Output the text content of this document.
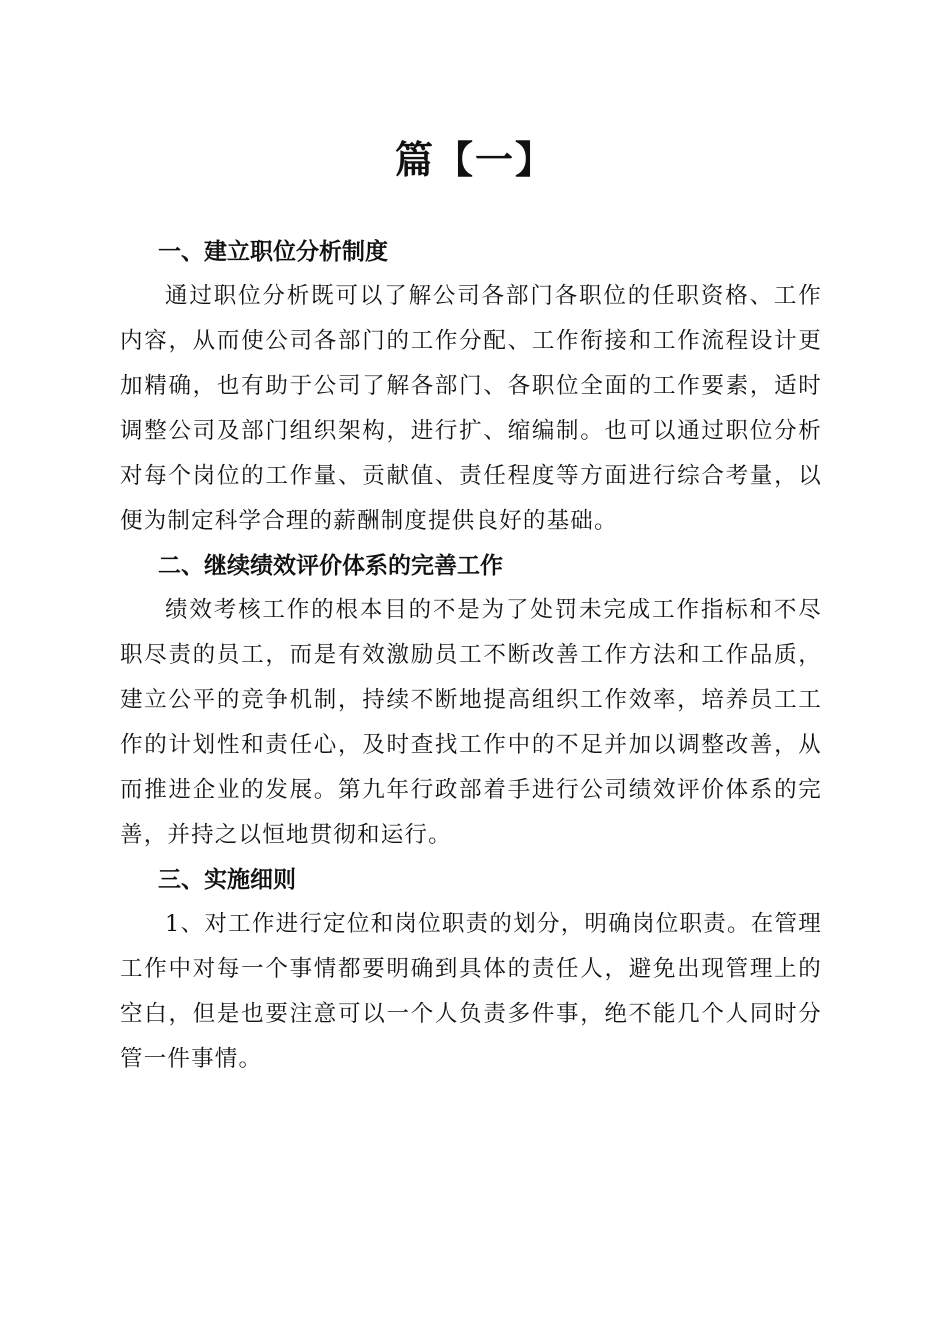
篇【一】
一、建立职位分析制度

通过职位分析既可以了解公司各部门各职位的任职资格、工作内容，从而使公司各部门的工作分配、工作衔接和工作流程设计更加精确，也有助于公司了解各部门、各职位全面的工作要素，适时调整公司及部门组织架构，进行扩、缩编制。也可以通过职位分析对每个岗位的工作量、贡献值、责任程度等方面进行综合考量，以便为制定科学合理的薪酬制度提供良好的基础。

二、继续绩效评价体系的完善工作

绩效考核工作的根本目的不是为了处罚未完成工作指标和不尽职尽责的员工，而是有效激励员工不断改善工作方法和工作品质，建立公平的竞争机制，持续不断地提高组织工作效率，培养员工工作的计划性和责任心，及时查找工作中的不足并加以调整改善，从而推进企业的发展。第九年行政部着手进行公司绩效评价体系的完善，并持之以恒地贯彻和运行。

三、实施细则

1、对工作进行定位和岗位职责的划分，明确岗位职责。在管理工作中对每一个事情都要明确到具体的责任人，避免出现管理上的空白，但是也要注意可以一个人负责多件事，绝不能几个人同时分管一件事情。
